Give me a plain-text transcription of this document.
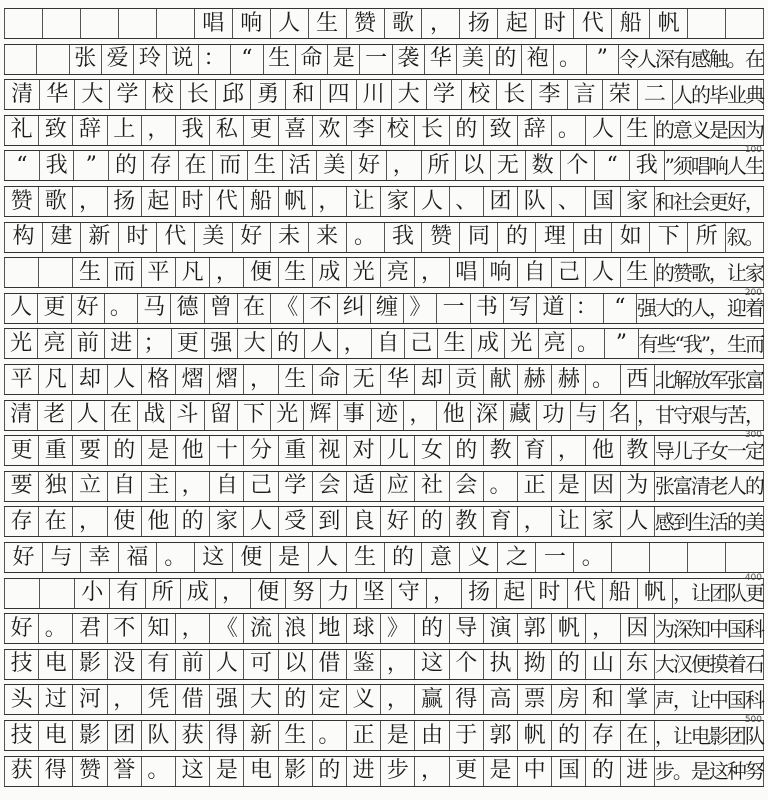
唱 响 人 生 赞 歌 ， 扬 起 时 代 船 帆
张 爱 玲 说 ： “ 生 命 是 一 袭 华 美 的 袍 。 ” 令人深有感触。在
清 华 大 学 校 长 邱 勇 和 四 川 大 学 校 长 李 言 荣 二 人的毕业典
礼 致 辞 上 ， 我 私 更 喜 欢 李 校 长 的 致 辞 。 人 生 的意义是因为
100
“ 我 ” 的 存 在 而 生 活 美 好 ， 所 以 无 数 个 “ 我 ”须唱响人生
赞 歌 ， 扬 起 时 代 船 帆 ， 让 家 人 、 团 队 、 国 家 和社会更好，
构 建 新 时 代 美 好 未 来 。 我 赞 同 的 理 由 如 下 所 叙。
生 而 平 凡 ， 便 生 成 光 亮 ， 唱 响 自 己 人 生 的赞歌，让家
200
人 更 好 。 马 德 曾 在 《 不 纠 缠 》 一 书 写 道 ： “ 强大的人，迎着
光 亮 前 进 ； 更 强 大 的 人 ， 自 己 生 成 光 亮 。 ” 有些“我”，生而
平 凡 却 人 格 熠 熠 ， 生 命 无 华 却 贡 献 赫 赫 。 西 北解放军张富
清 老 人 在 战 斗 留 下 光 辉 事 迹 ， 他 深 藏 功 与 名 ，甘守艰与苦，
300
更 重 要 的 是 他 十 分 重 视 对 儿 女 的 教 育 ， 他 教 导儿子女一定
要 独 立 自 主 ， 自 己 学 会 适 应 社 会 。 正 是 因 为 张富清老人的
存 在 ， 使 他 的 家 人 受 到 良 好 的 教 育 ， 让 家 人 感到生活的美
好 与 幸 福 。 这 便 是 人 生 的 意 义 之 一 。
400
小 有 所 成 ， 便 努 力 坚 守 ， 扬 起 时 代 船 帆 ，让团队更
好 。 君 不 知 ， 《 流 浪 地 球 》 的 导 演 郭 帆 ， 因 为深知中国科
技 电 影 没 有 前 人 可 以 借 鉴 ， 这 个 执 拗 的 山 东 大汉便摸着石
头 过 河 ， 凭 借 强 大 的 定 义 ， 赢 得 高 票 房 和 掌 声，让中国科
500
技 电 影 团 队 获 得 新 生 。 正 是 由 于 郭 帆 的 存 在 ，让电影团队
获 得 赞 誉 。 这 是 电 影 的 进 步 ， 更 是 中 国 的 进 步。是这种努
